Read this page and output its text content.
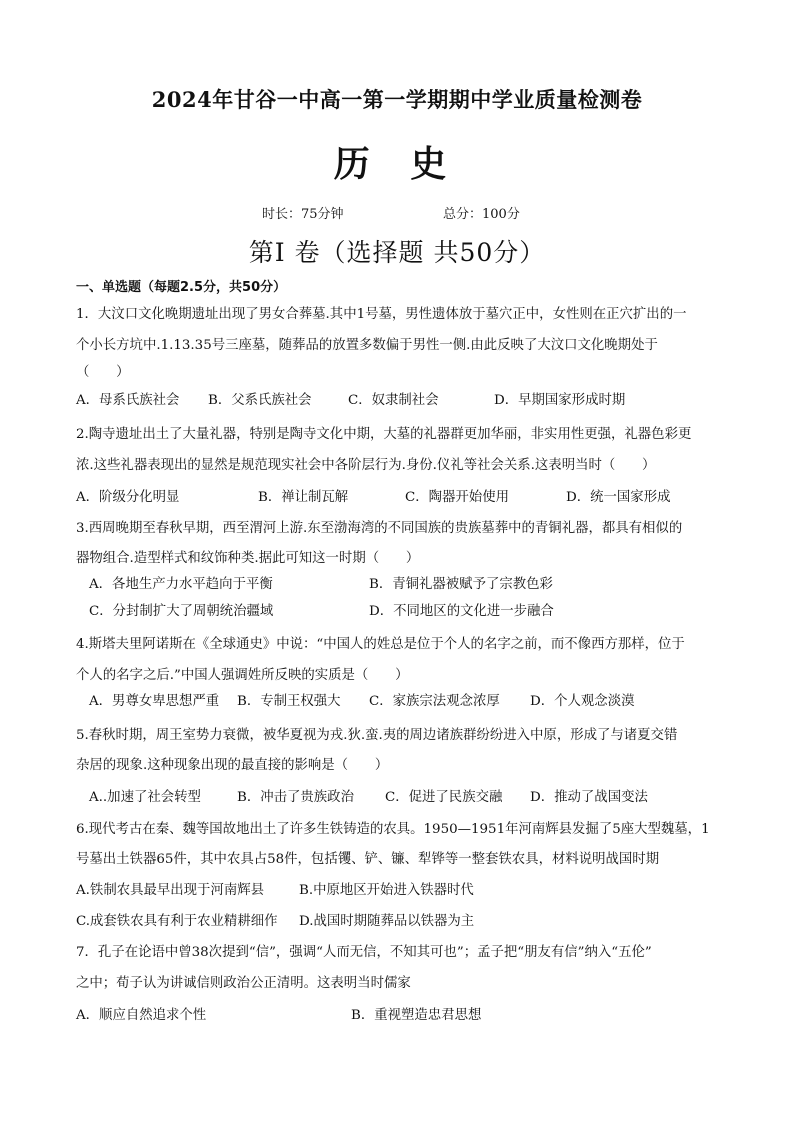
2024年甘谷一中高一第一学期期中学业质量检测卷
历 史
时长：75分钟	总分：100分
第Ⅰ 卷（选择题 共50分）
一、单选题（每题2.5分，共50分）
1．大汶口文化晚期遗址出现了男女合葬墓.其中1号墓，男性遗体放于墓穴正中，女性则在正穴扩出的一
个小长方坑中.1.13.35号三座墓，随葬品的放置多数偏于男性一侧.由此反映了大汶口文化晚期处于
（　　）
A．母系氏族社会 B．父系氏族社会	C．奴隶制社会	D．早期国家形成时期
2.陶寺遗址出土了大量礼器，特别是陶寺文化中期，大墓的礼器群更加华丽，非实用性更强，礼器色彩更
浓.这些礼器表现出的显然是规范现实社会中各阶层行为.身份.仪礼等社会关系.这表明当时（　　）
A．阶级分化明显	B．禅让制瓦解	C．陶器开始使用	D．统一国家形成
3.西周晚期至春秋早期，西至渭河上游.东至渤海湾的不同国族的贵族墓葬中的青铜礼器，都具有相似的
器物组合.造型样式和纹饰种类.据此可知这一时期（　　）
A．各地生产力水平趋向于平衡	B．青铜礼器被赋予了宗教色彩
C．分封制扩大了周朝统治疆域	D．不同地区的文化进一步融合
4.斯塔夫里阿诺斯在《全球通史》中说：“中国人的姓总是位于个人的名字之前，而不像西方那样，位于
个人的名字之后.”中国人强调姓所反映的实质是（　　）
A．男尊女卑思想严重 B．专制王权强大 C．家族宗法观念浓厚 D．个人观念淡漠
5.春秋时期，周王室势力衰微，被华夏视为戎.狄.蛮.夷的周边诸族群纷纷进入中原，形成了与诸夏交错
杂居的现象.这种现象出现的最直接的影响是（　　）
A..加速了社会转型	B．冲击了贵族政治 C．促进了民族交融 D．推动了战国变法
6.现代考古在秦、魏等国故地出土了许多生铁铸造的农具。1950—1951年河南辉县发掘了5座大型魏墓，1
号墓出土铁器65件，其中农具占58件，包括䦆、铲、镰、犁铧等一整套铁农具，材料说明战国时期
A.铁制农具最早出现于河南辉县	B.中原地区开始进入铁器时代
C.成套铁农具有利于农业精耕细作 D.战国时期随葬品以铁器为主
7．孔子在论语中曾38次提到“信”，强调“人而无信，不知其可也”；孟子把“朋友有信”纳入“五伦”
之中；荀子认为讲诚信则政治公正清明。这表明当时儒家
A．顺应自然追求个性	B．重视塑造忠君思想
